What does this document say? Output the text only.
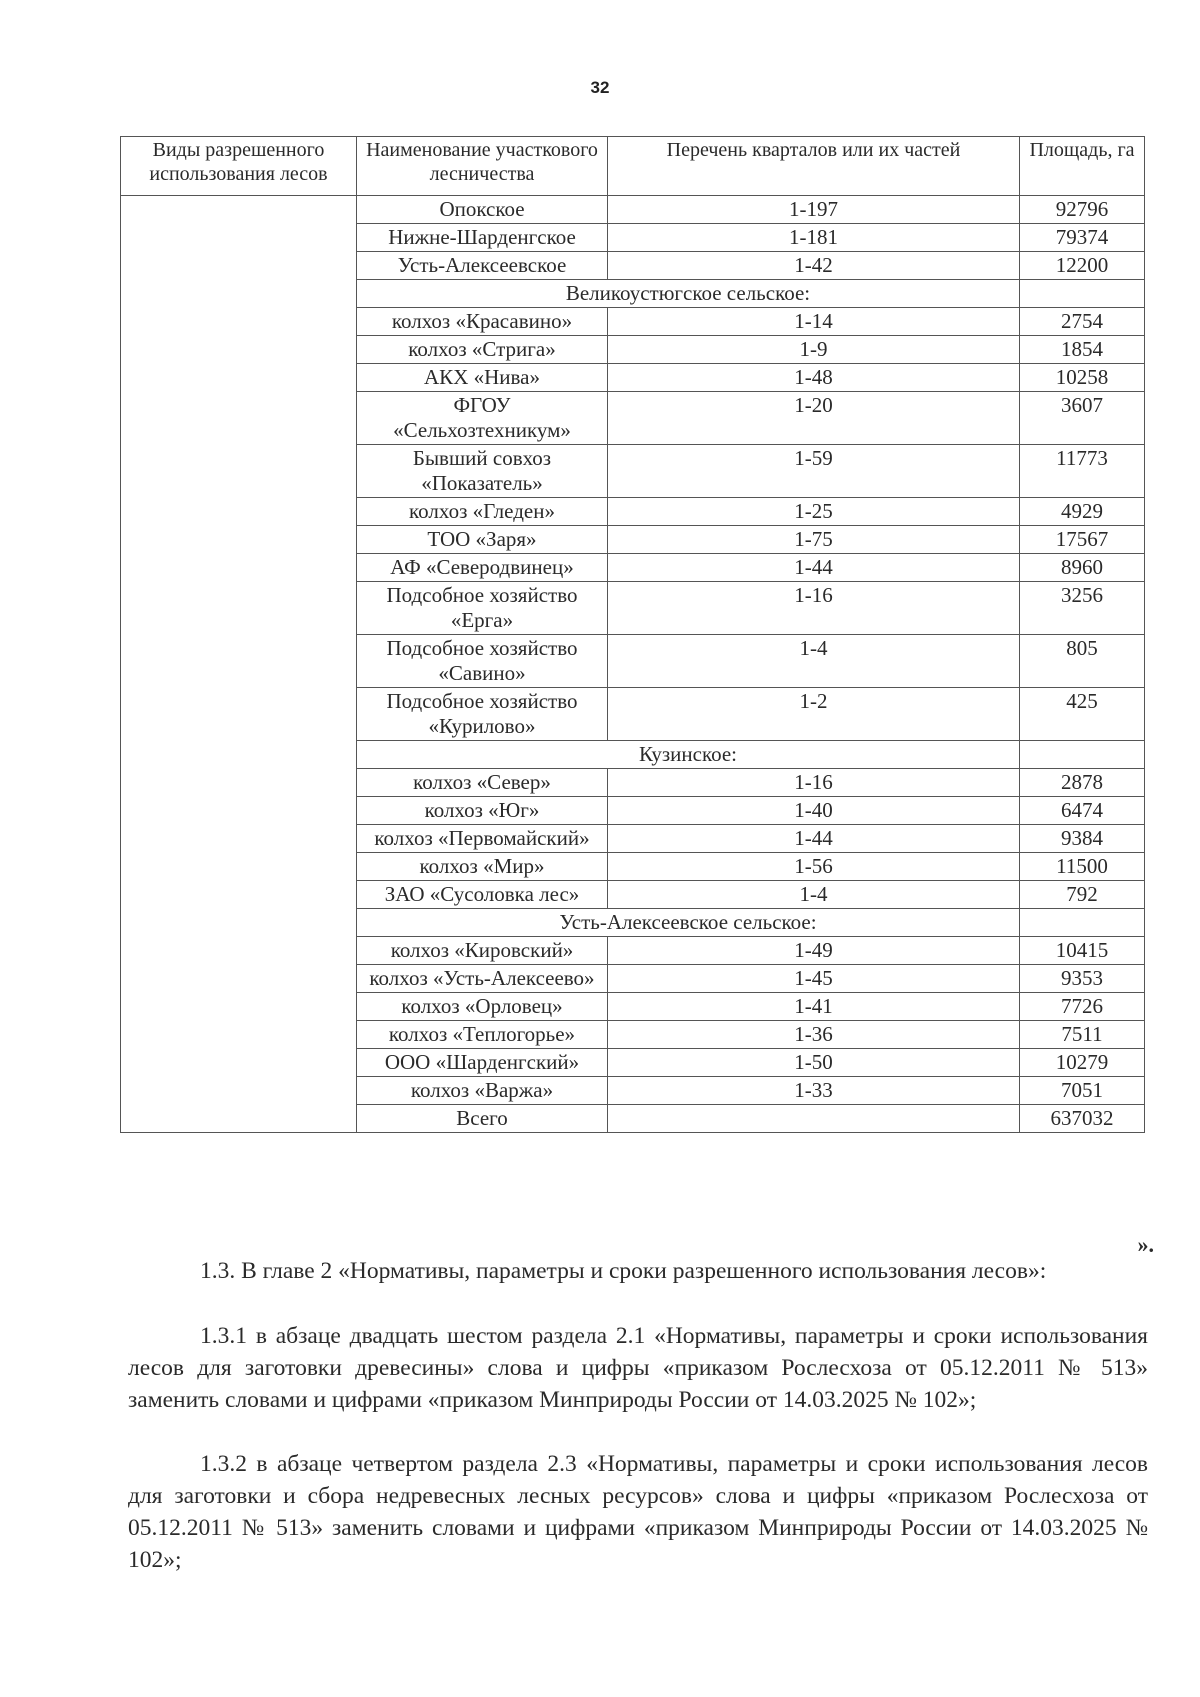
32
Виды разрешенного использования лесов	Наименование участкового лесничества	Перечень кварталов или их частей	Площадь, га
	Опокское	1-197	92796
	Нижне-Шарденгское	1-181	79374
	Усть-Алексеевское	1-42	12200
	Великоустюгское сельское:		
	колхоз «Красавино»	1-14	2754
	колхоз «Стрига»	1-9	1854
	АКХ «Нива»	1-48	10258
	ФГОУ «Сельхозтехникум»	1-20	3607
	Бывший совхоз «Показатель»	1-59	11773
	колхоз «Гледен»	1-25	4929
	ТОО «Заря»	1-75	17567
	АФ «Северодвинец»	1-44	8960
	Подсобное хозяйство «Ерга»	1-16	3256
	Подсобное хозяйство «Савино»	1-4	805
	Подсобное хозяйство «Курилово»	1-2	425
	Кузинское:		
	колхоз «Север»	1-16	2878
	колхоз «Юг»	1-40	6474
	колхоз «Первомайский»	1-44	9384
	колхоз «Мир»	1-56	11500
	ЗАО «Сусоловка лес»	1-4	792
	Усть-Алексеевское сельское:		
	колхоз «Кировский»	1-49	10415
	колхоз «Усть-Алексеево»	1-45	9353
	колхоз «Орловец»	1-41	7726
	колхоз «Теплогорье»	1-36	7511
	ООО «Шарденгский»	1-50	10279
	колхоз «Варжа»	1-33	7051
	Всего		637032
».

1.3. В главе 2 «Нормативы, параметры и сроки разрешенного использования лесов»:

1.3.1 в абзаце двадцать шестом раздела 2.1 «Нормативы, параметры и сроки использования лесов для заготовки древесины» слова и цифры «приказом Рослесхоза от 05.12.2011 № 513» заменить словами и цифрами «приказом Минприроды России от 14.03.2025 № 102»;

1.3.2 в абзаце четвертом раздела 2.3 «Нормативы, параметры и сроки использования лесов для заготовки и сбора недревесных лесных ресурсов» слова и цифры «приказом Рослесхоза от 05.12.2011 № 513» заменить словами и цифрами «приказом Минприроды России от 14.03.2025 № 102»;
